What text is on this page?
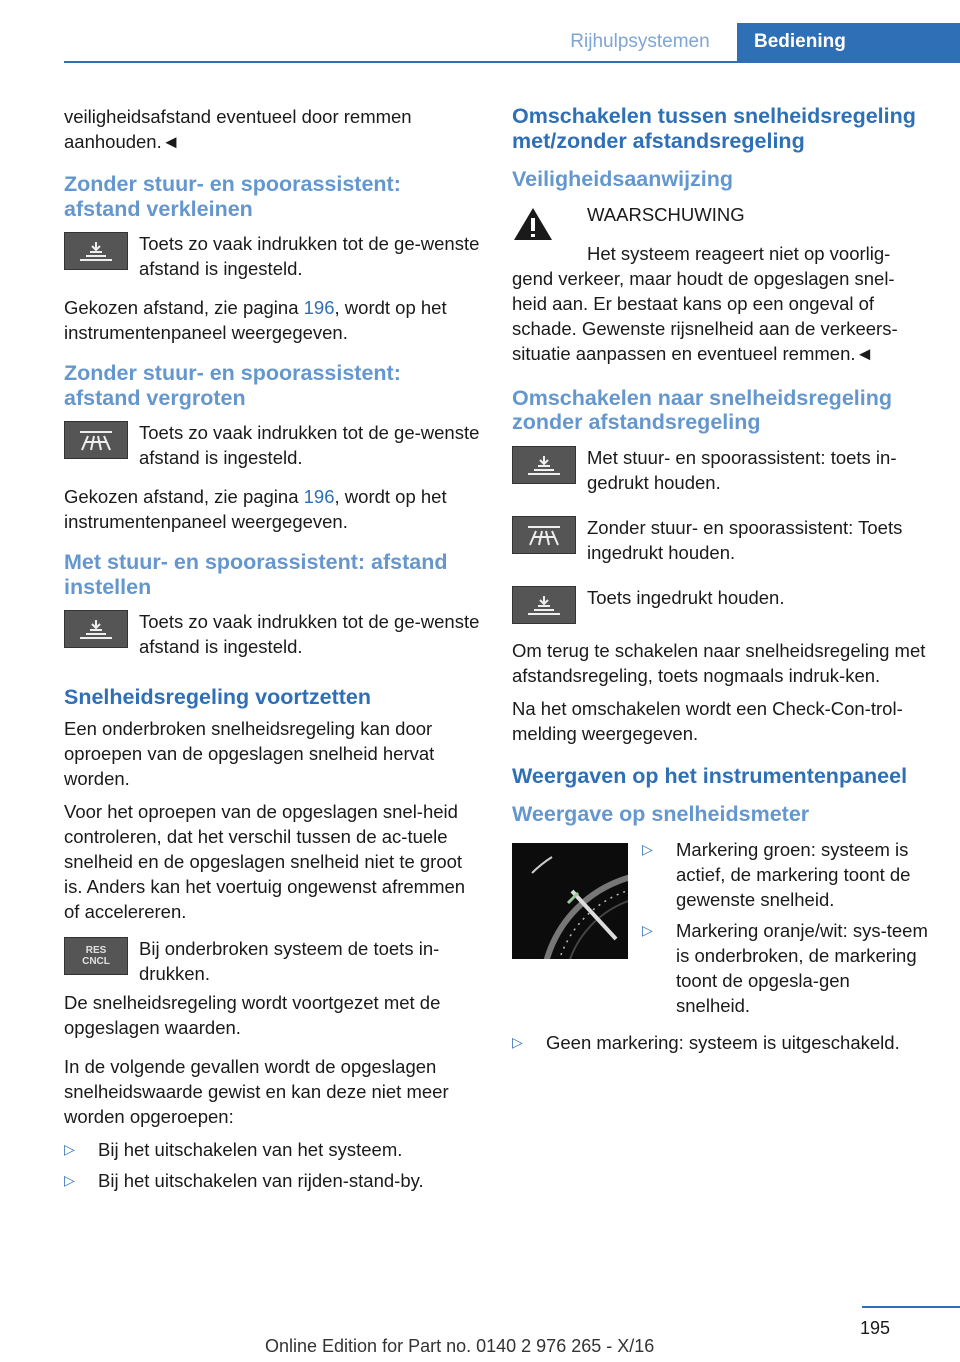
Rijhulpsystemen	Bediening

veiligheidsafstand eventueel door remmen aanhouden.◄

Zonder stuur- en spoorassistent: afstand verkleinen
Toets zo vaak indrukken tot de ge-wenste afstand is ingesteld.

Gekozen afstand, zie pagina 196, wordt op het instrumentenpaneel weergegeven.

Zonder stuur- en spoorassistent: afstand vergroten
Toets zo vaak indrukken tot de ge-wenste afstand is ingesteld.

Gekozen afstand, zie pagina 196, wordt op het instrumentenpaneel weergegeven.

Met stuur- en spoorassistent: afstand instellen
Toets zo vaak indrukken tot de ge-wenste afstand is ingesteld.
Snelheidsregeling voortzetten

Een onderbroken snelheidsregeling kan door oproepen van de opgeslagen snelheid hervat worden.

Voor het oproepen van de opgeslagen snel-heid controleren, dat het verschil tussen de ac-tuele snelheid en de opgeslagen snelheid niet te groot is. Anders kan het voertuig ongewenst afremmen of accelereren.

RES
CNCL
Bij onderbroken systeem de toets in-drukken.

De snelheidsregeling wordt voortgezet met de opgeslagen waarden.

In de volgende gevallen wordt de opgeslagen snelheidswaarde gewist en kan deze niet meer worden opgeroepen:

▷	Bij het uitschakelen van het systeem.
▷	Bij het uitschakelen van rijden-stand-by.
Omschakelen tussen snelheidsregeling met/zonder afstandsregeling
Veiligheidsaanwijzing
WAARSCHUWING

Het systeem reageert niet op voorlig-gend verkeer, maar houdt de opgeslagen snel-heid aan. Er bestaat kans op een ongeval of schade. Gewenste rijsnelheid aan de verkeers-situatie aanpassen en eventueel remmen.◄

Omschakelen naar snelheidsregeling zonder afstandsregeling
Met stuur- en spoorassistent: toets in-gedrukt houden.
Zonder stuur- en spoorassistent: Toets ingedrukt houden.
Toets ingedrukt houden.

Om terug te schakelen naar snelheidsregeling met afstandsregeling, toets nogmaals indruk-ken.

Na het omschakelen wordt een Check-Con-trol-melding weergegeven.

Weergaven op het instrumentenpaneel
Weergave op snelheidsmeter
▷	Markering groen: systeem is actief, de markering toont de gewenste snelheid.
▷	Markering oranje/wit: sys-teem is onderbroken, de markering toont de opgesla-gen snelheid.
▷	Geen markering: systeem is uitgeschakeld.
195
Online Edition for Part no. 0140 2 976 265 - X/16
